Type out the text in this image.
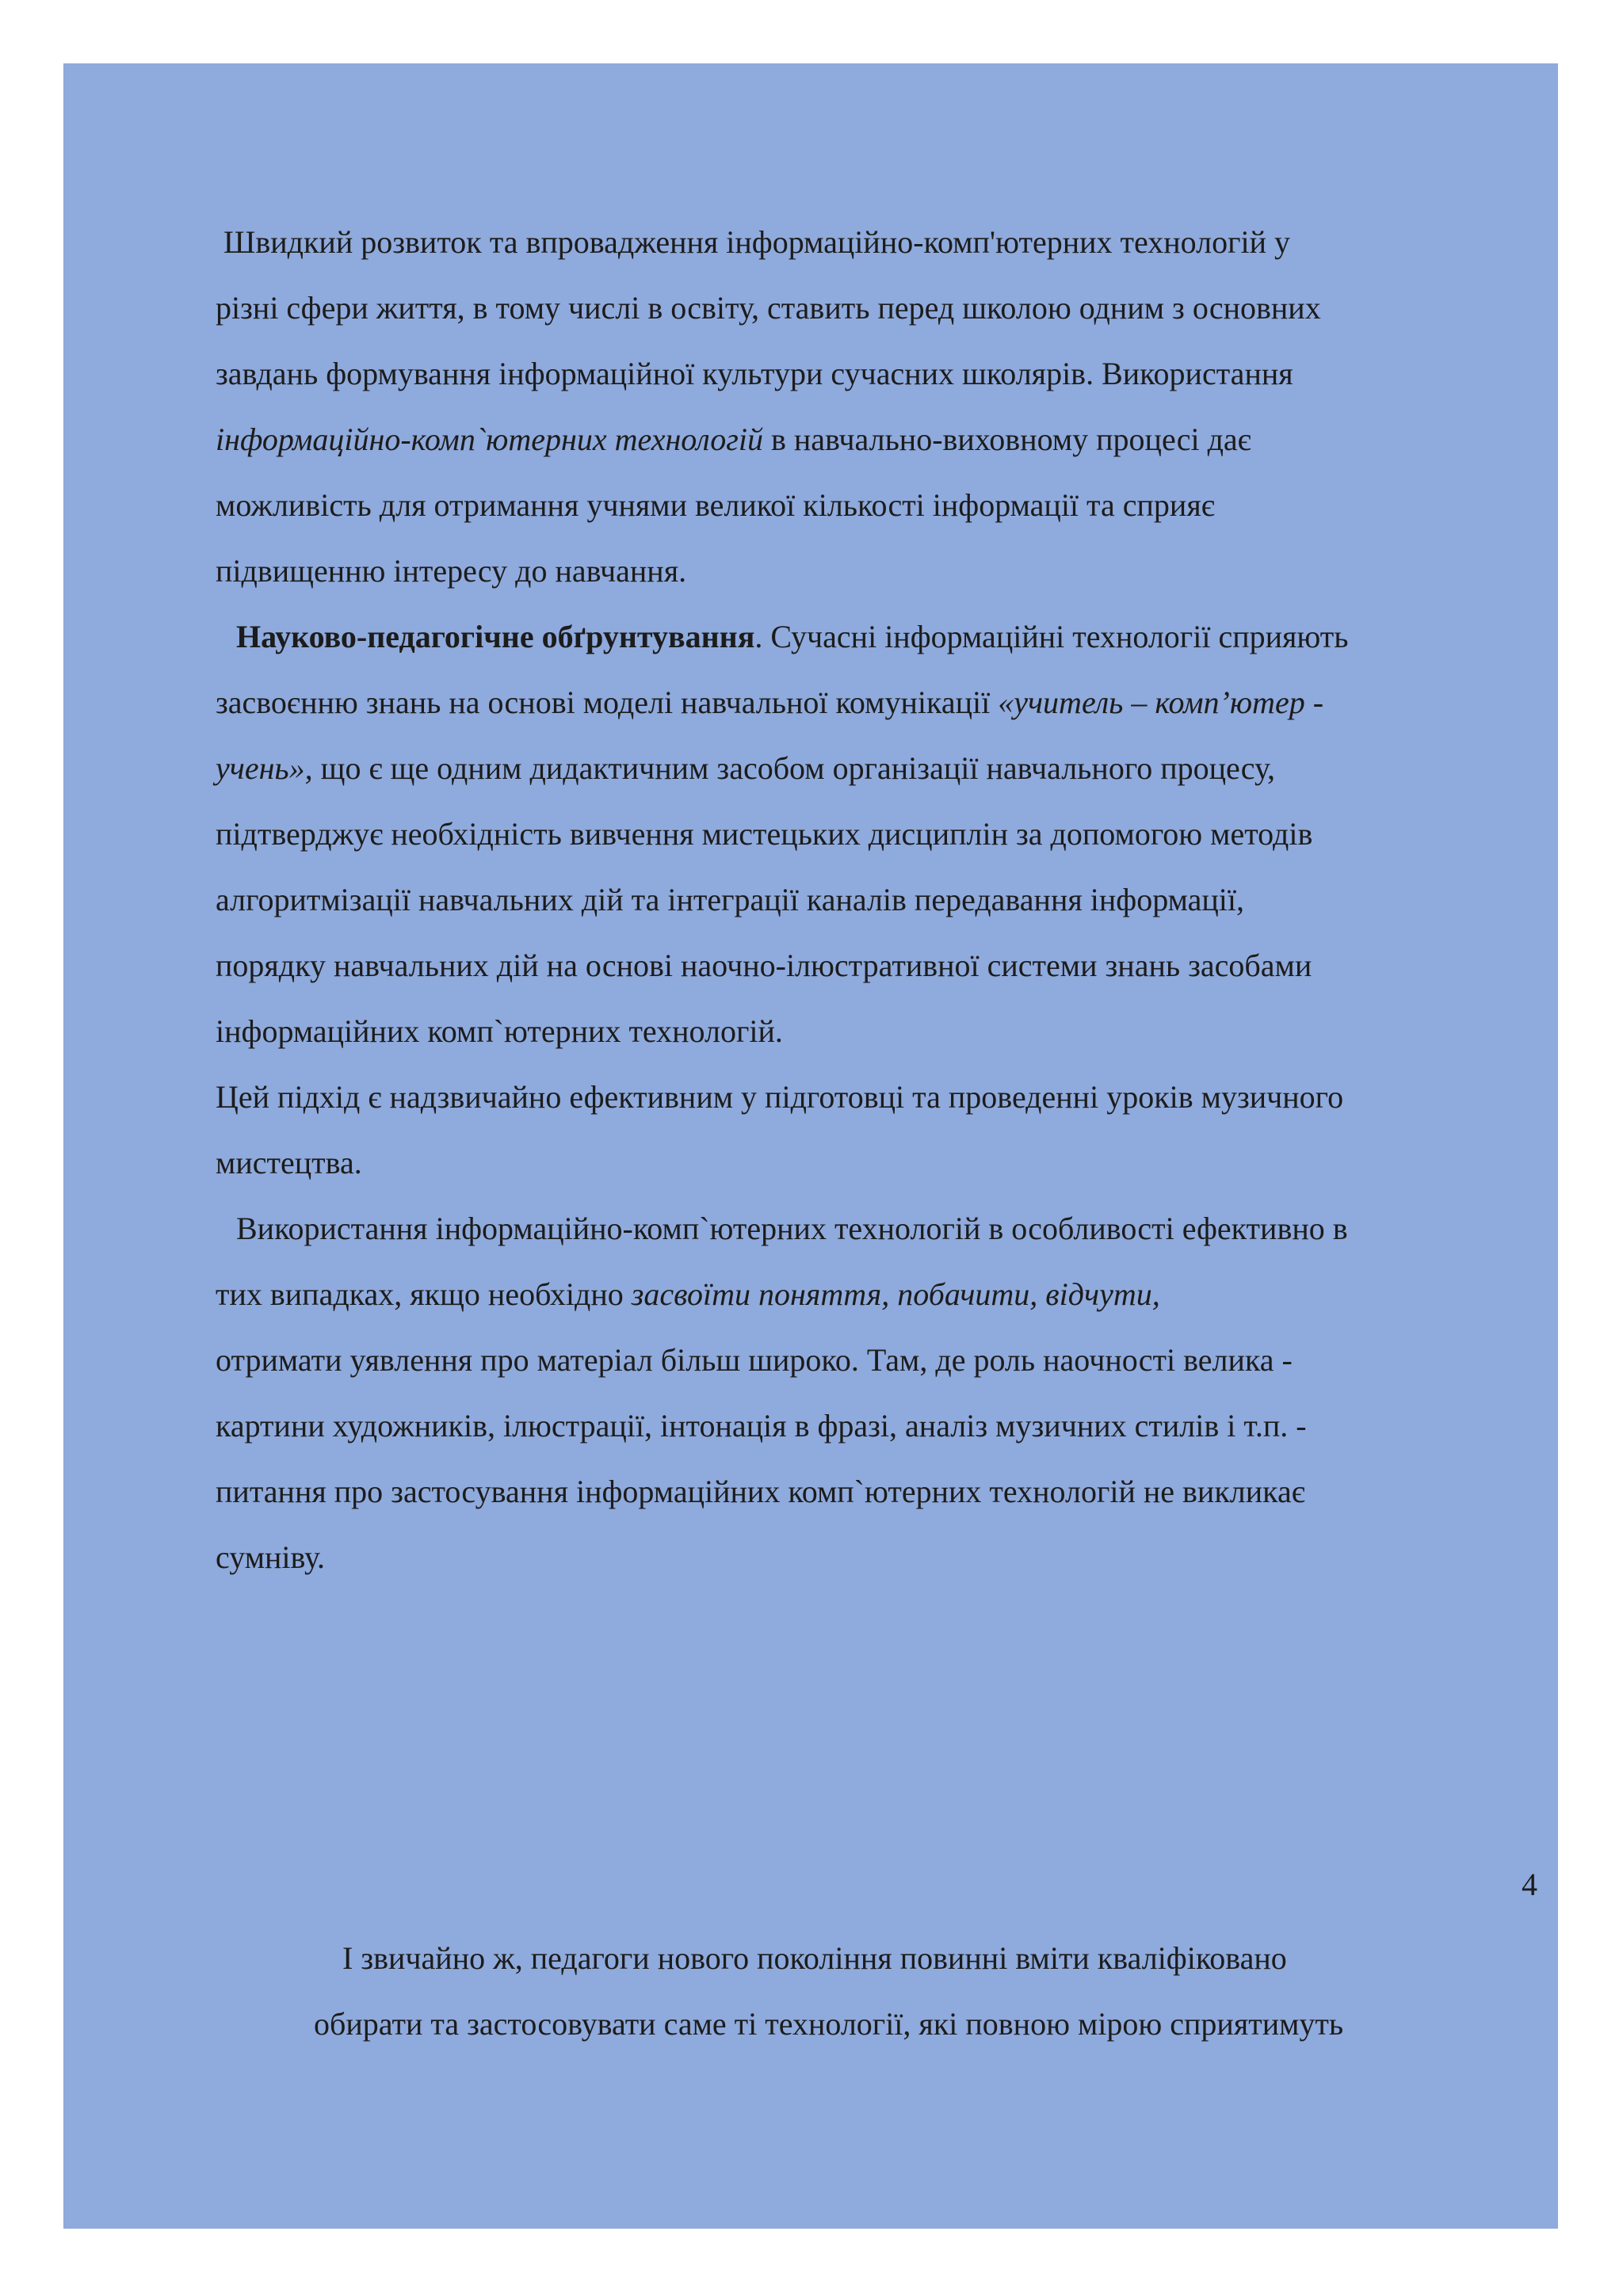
Швидкий розвиток та впровадження інформаційно-комп'ютерних технологій у
різні сфери життя, в тому числі в освіту, ставить перед школою одним з основних
завдань формування інформаційної культури сучасних школярів. Використання
інформаційно-комп`ютерних технологій в навчально-виховному процесі дає
можливість для отримання учнями великої кількості інформації та сприяє
підвищенню інтересу до навчання.
Науково-педагогічне обґрунтування. Сучасні інформаційні технології сприяють
засвоєнню знань на основі моделі навчальної комунікації «учитель – комп’ютер -
учень», що є ще одним дидактичним засобом організації навчального процесу,
підтверджує необхідність вивчення мистецьких дисциплін за допомогою методів
алгоритмізації навчальних дій та інтеграції каналів передавання інформації,
порядку навчальних дій на основі наочно-ілюстративної системи знань засобами
інформаційних комп`ютерних технологій.
Цей підхід є надзвичайно ефективним у підготовці та проведенні уроків музичного
мистецтва.
Використання інформаційно-комп`ютерних технологій в особливості ефективно в
тих випадках, якщо необхідно засвоїти поняття, побачити, відчути,
отримати уявлення про матеріал більш широко. Там, де роль наочності велика -
картини художників, ілюстрації, інтонація в фразі, аналіз музичних стилів і т.п. -
питання про застосування інформаційних комп`ютерних технологій не викликає
сумніву.
4
І звичайно ж, педагоги нового покоління повинні вміти кваліфіковано
обирати та застосовувати саме ті технології, які повною мірою сприятимуть
